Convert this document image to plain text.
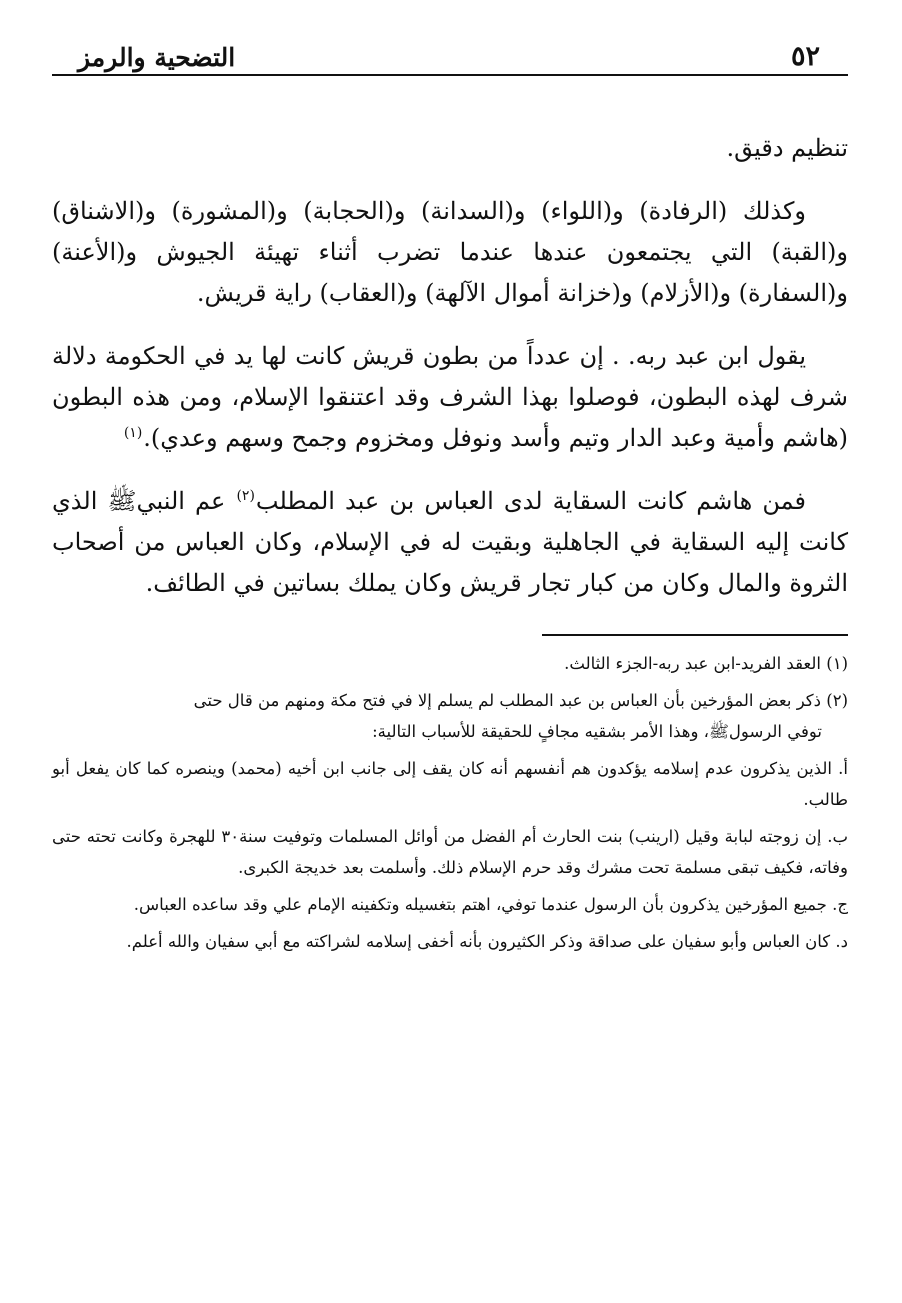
٥٢
التضحية والرمز

تنظيم دقيق.

وكذلك (الرفادة) و(اللواء) و(السدانة) و(الحجابة) و(المشورة) و(الاشناق) و(القبة) التي يجتمعون عندها عندما تضرب أثناء تهيئة الجيوش و(الأعنة) و(السفارة) و(الأزلام) و(خزانة أموال الآلهة) و(العقاب) راية قريش.

يقول ابن عبد ربه. . إن عدداً من بطون قريش كانت لها يد في الحكومة دلالة شرف لهذه البطون، فوصلوا بهذا الشرف وقد اعتنقوا الإسلام، ومن هذه البطون (هاشم وأمية وعبد الدار وتيم وأسد ونوفل ومخزوم وجمح وسهم وعدي).$^{(١)}$

فمن هاشم كانت السقاية لدى العباس بن عبد المطلب$^{(٢)}$ عم النبيﷺ الذي كانت إليه السقاية في الجاهلية وبقيت له في الإسلام، وكان العباس من أصحاب الثروة والمال وكان من كبار تجار قريش وكان يملك بساتين في الطائف.

(١) العقد الفريد-ابن عبد ربه-الجزء الثالث.

(٢) ذكر بعض المؤرخين بأن العباس بن عبد المطلب لم يسلم إلا في فتح مكة ومنهم من قال حتى
توفي الرسولﷺ، وهذا الأمر بشقيه مجافٍ للحقيقة للأسباب التالية:

أ. الذين يذكرون عدم إسلامه يؤكدون هم أنفسهم أنه كان يقف إلى جانب ابن أخيه (محمد) وينصره كما كان يفعل أبو طالب.

ب. إن زوجته لبابة وقيل (ارينب) بنت الحارث أم الفضل من أوائل المسلمات وتوفيت سنة٣٠ للهجرة وكانت تحته حتى وفاته، فكيف تبقى مسلمة تحت مشرك وقد حرم الإسلام ذلك. وأسلمت بعد خديجة الكبرى.

ج. جميع المؤرخين يذكرون بأن الرسول عندما توفي، اهتم بتغسيله وتكفينه الإمام علي وقد ساعده العباس.

د. كان العباس وأبو سفيان على صداقة وذكر الكثيرون بأنه أخفى إسلامه لشراكته مع أبي سفيان والله أعلم.
